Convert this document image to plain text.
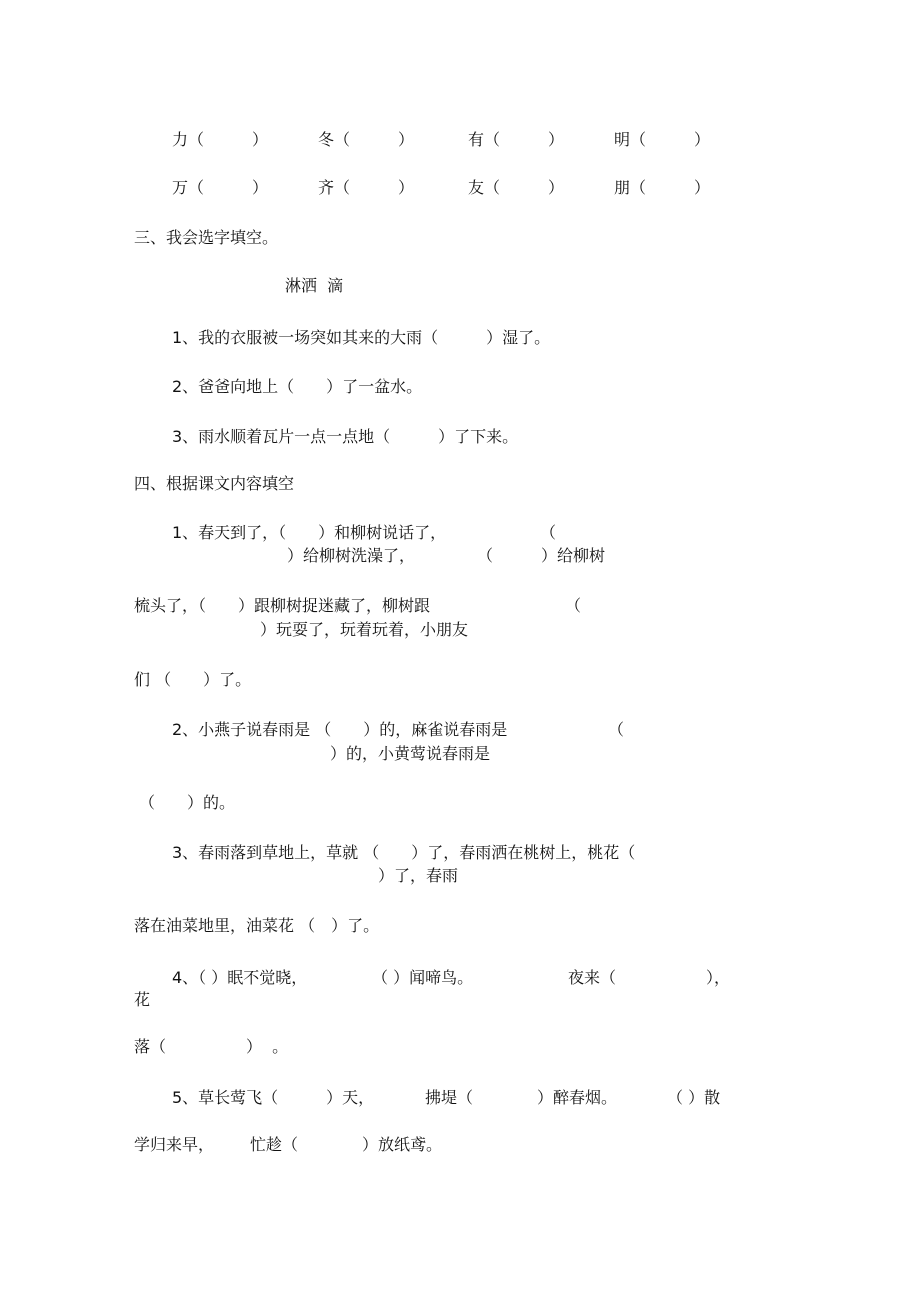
力（　　　）	冬（　　　）	有（　　　）	明（　　　）

万（　　　）	齐（　　　）	友（　　　）	朋（　　　）

三、我会选字填空。

淋洒  滴

1、我的衣服被一场突如其来的大雨（　　　）湿了。

2、爸爸向地上（　　）了一盆水。

3、雨水顺着瓦片一点一点地（　　　）了下来。

四、根据课文内容填空

1、春天到了，（　　）和柳树说话了，	（

）给柳树洗澡了，	（　　　）给柳树

梳头了，（　　）跟柳树捉迷藏了，柳树跟	（

）玩耍了，玩着玩着，小朋友

们 （　　）了。

2、小燕子说春雨是 （　　）的，麻雀说春雨是	（

）的，小黄莺说春雨是

（　　）的。

3、春雨落到草地上，草就 （　　）了，春雨洒在桃树上，桃花（

）了，春雨

落在油菜地里，油菜花 （　）了。

4、（ ）眠不觉晓，	（ ）闻啼鸟。	夜来（	），

花

落（　　　　　）  。

5、草长莺飞（　　　）天，	拂堤（　　　　）醉春烟。	（ ）散

学归来早， 忙趁（　　　　）放纸鸢。
